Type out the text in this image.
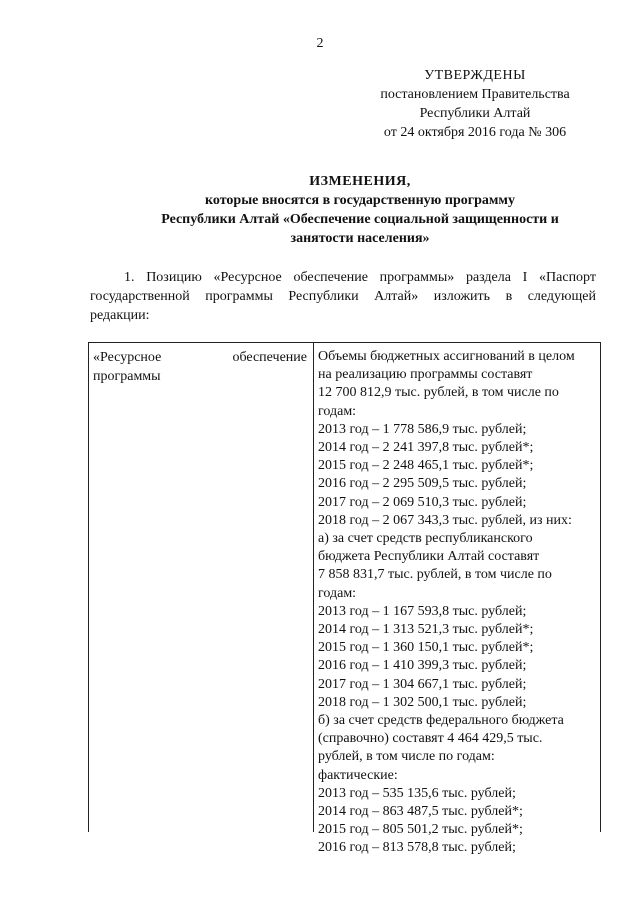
2
УТВЕРЖДЕНЫ
постановлением Правительства
Республики Алтай
от 24 октября 2016 года № 306
ИЗМЕНЕНИЯ,
которые вносятся в государственную программу
Республики Алтай «Обеспечение социальной защищенности и
занятости населения»
1. Позицию «Ресурсное обеспечение программы» раздела I «Паспорт
государственной программы Республики Алтай» изложить в следующей
редакции:
«Ресурсное	обеспечение
программы
Объемы бюджетных ассигнований в целом
на реализацию программы составят
12 700 812,9 тыс. рублей, в том числе по
годам:
2013 год – 1 778 586,9 тыс. рублей;
2014 год – 2 241 397,8 тыс. рублей*;
2015 год – 2 248 465,1 тыс. рублей*;
2016 год – 2 295 509,5 тыс. рублей;
2017 год – 2 069 510,3 тыс. рублей;
2018 год – 2 067 343,3 тыс. рублей, из них:
а) за счет средств республиканского
бюджета Республики Алтай составят
7 858 831,7 тыс. рублей, в том числе по
годам:
2013 год – 1 167 593,8 тыс. рублей;
2014 год – 1 313 521,3 тыс. рублей*;
2015 год – 1 360 150,1 тыс. рублей*;
2016 год – 1 410 399,3 тыс. рублей;
2017 год – 1 304 667,1 тыс. рублей;
2018 год – 1 302 500,1 тыс. рублей;
б) за счет средств федерального бюджета
(справочно) составят 4 464 429,5 тыс.
рублей, в том числе по годам:
фактические:
2013 год – 535 135,6 тыс. рублей;
2014 год – 863 487,5 тыс. рублей*;
2015 год – 805 501,2 тыс. рублей*;
2016 год – 813 578,8 тыс. рублей;
